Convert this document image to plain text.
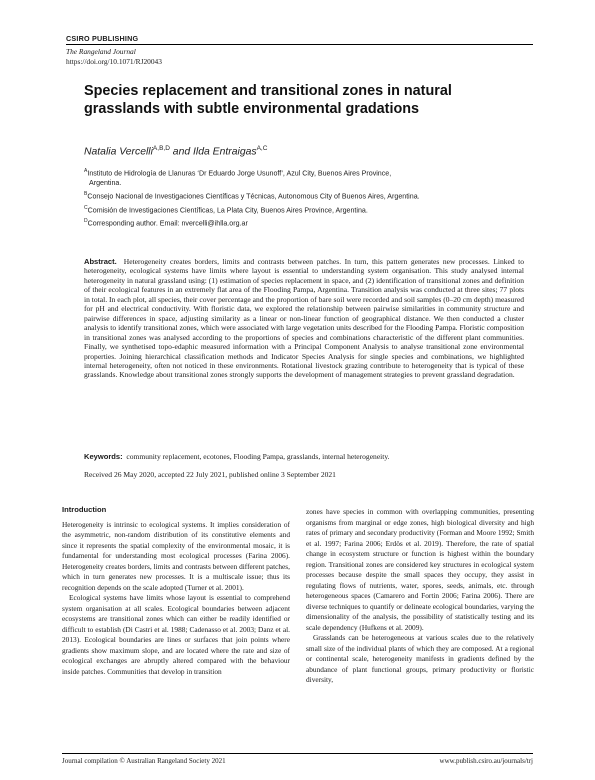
CSIRO PUBLISHING
The Rangeland Journal
https://doi.org/10.1071/RJ20043
Species replacement and transitional zones in natural grasslands with subtle environmental gradations
Natalia Vercelli$^{A,B,D}$ and Ilda Entraigas$^{A,C}$

$^A$Instituto de Hidrología de Llanuras ‘Dr Eduardo Jorge Usunoff’, Azul City, Buenos Aires Province,
Argentina.

$^B$Consejo Nacional de Investigaciones Científicas y Técnicas, Autonomous City of Buenos Aires, Argentina.

$^C$Comisión de Investigaciones Científicas, La Plata City, Buenos Aires Province, Argentina.

$^D$Corresponding author. Email: nvercelli@ihlla.org.ar

Abstract. Heterogeneity creates borders, limits and contrasts between patches. In turn, this pattern generates new processes. Linked to heterogeneity, ecological systems have limits where layout is essential to understanding system organisation. This study analysed internal heterogeneity in natural grassland using: (1) estimation of species replacement in space, and (2) identification of transitional zones and definition of their ecological features in an extremely flat area of the Flooding Pampa, Argentina. Transition analysis was conducted at three sites; 77 plots in total. In each plot, all species, their cover percentage and the proportion of bare soil were recorded and soil samples (0–20 cm depth) measured for pH and electrical conductivity. With floristic data, we explored the relationship between pairwise similarities in community structure and pairwise differences in space, adjusting similarity as a linear or non-linear function of geographical distance. We then conducted a cluster analysis to identify transitional zones, which were associated with large vegetation units described for the Flooding Pampa. Floristic composition in transitional zones was analysed according to the proportions of species and combinations characteristic of the different plant communities. Finally, we synthetised topo-edaphic measured information with a Principal Component Analysis to analyse transitional zone environmental properties. Joining hierarchical classification methods and Indicator Species Analysis for single species and combinations, we highlighted internal heterogeneity, often not noticed in these environments. Rotational livestock grazing contribute to heterogeneity that is typical of these grasslands. Knowledge about transitional zones strongly supports the development of management strategies to prevent grassland degradation.
Keywords: community replacement, ecotones, Flooding Pampa, grasslands, internal heterogeneity.
Received 26 May 2020, accepted 22 July 2021, published online 3 September 2021
Introduction

Heterogeneity is intrinsic to ecological systems. It implies consideration of the asymmetric, non-random distribution of its constitutive elements and since it represents the spatial complexity of the environmental mosaic, it is fundamental for understanding most ecological processes (Farina 2006). Heterogeneity creates borders, limits and contrasts between different patches, which in turn generates new processes. It is a multiscale issue; thus its recognition depends on the scale adopted (Turner et al. 2001).

Ecological systems have limits whose layout is essential to comprehend system organisation at all scales. Ecological boundaries between adjacent ecosystems are transitional zones which can either be readily identified or difficult to establish (Di Castri et al. 1988; Cadenasso et al. 2003; Danz et al. 2013). Ecological boundaries are lines or surfaces that join points where gradients show maximum slope, and are located where the rate and size of ecological exchanges are abruptly altered compared with the behaviour inside patches. Communities that develop in transition

zones have species in common with overlapping communities, presenting organisms from marginal or edge zones, high biological diversity and high rates of primary and secondary productivity (Forman and Moore 1992; Smith et al. 1997; Farina 2006; Erdös et al. 2019). Therefore, the rate of spatial change in ecosystem structure or function is highest within the boundary region. Transitional zones are considered key structures in ecological system processes because despite the small spaces they occupy, they assist in regulating flows of nutrients, water, spores, seeds, animals, etc. through heterogeneous spaces (Camarero and Fortin 2006; Farina 2006). There are diverse techniques to quantify or delineate ecological boundaries, varying the dimensionality of the analysis, the possibility of statistically testing and its scale dependency (Hufkens et al. 2009).

Grasslands can be heterogeneous at various scales due to the relatively small size of the individual plants of which they are composed. At a regional or continental scale, heterogeneity manifests in gradients defined by the abundance of plant functional groups, primary productivity or floristic diversity,

Journal compilation © Australian Rangeland Society 2021	www.publish.csiro.au/journals/trj
